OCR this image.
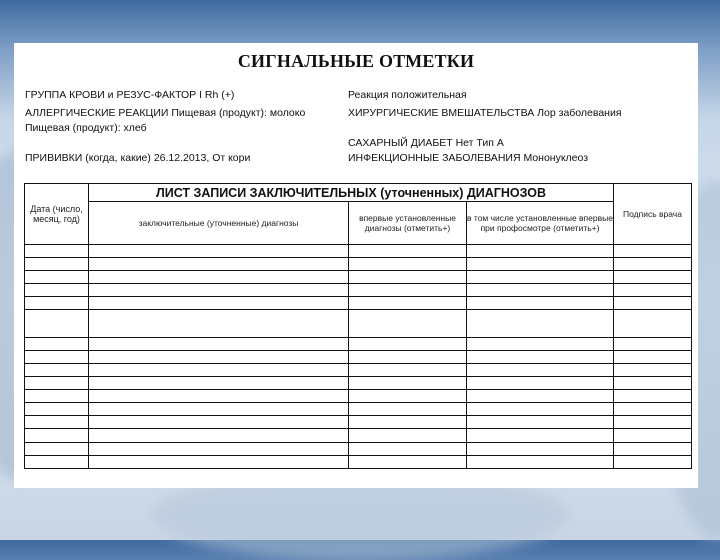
СИГНАЛЬНЫЕ ОТМЕТКИ
ГРУППА КРОВИ и РЕЗУС-ФАКТОР I Rh (+)
АЛЛЕРГИЧЕСКИЕ РЕАКЦИИ Пищевая (продукт): молоко
Пищевая (продукт): хлеб
ПРИВИВКИ (когда, какие) 26.12.2013, От кори
Реакция положительная
ХИРУРГИЧЕСКИЕ ВМЕШАТЕЛЬСТВА Лор заболевания
САХАРНЫЙ ДИАБЕТ Нет Тип А
ИНФЕКЦИОННЫЕ ЗАБОЛЕВАНИЯ Мононуклеоз
Дата (число, месяц, год)	ЛИСТ ЗАПИСИ ЗАКЛЮЧИТЕЛЬНЫХ (уточненных) ДИАГНОЗОВ			Подпись врача
	заключительные (уточненные) диагнозы	впервые установленные диагнозы (отметить+)	в том числе установленные впервые при профосмотре (отметить+)	
